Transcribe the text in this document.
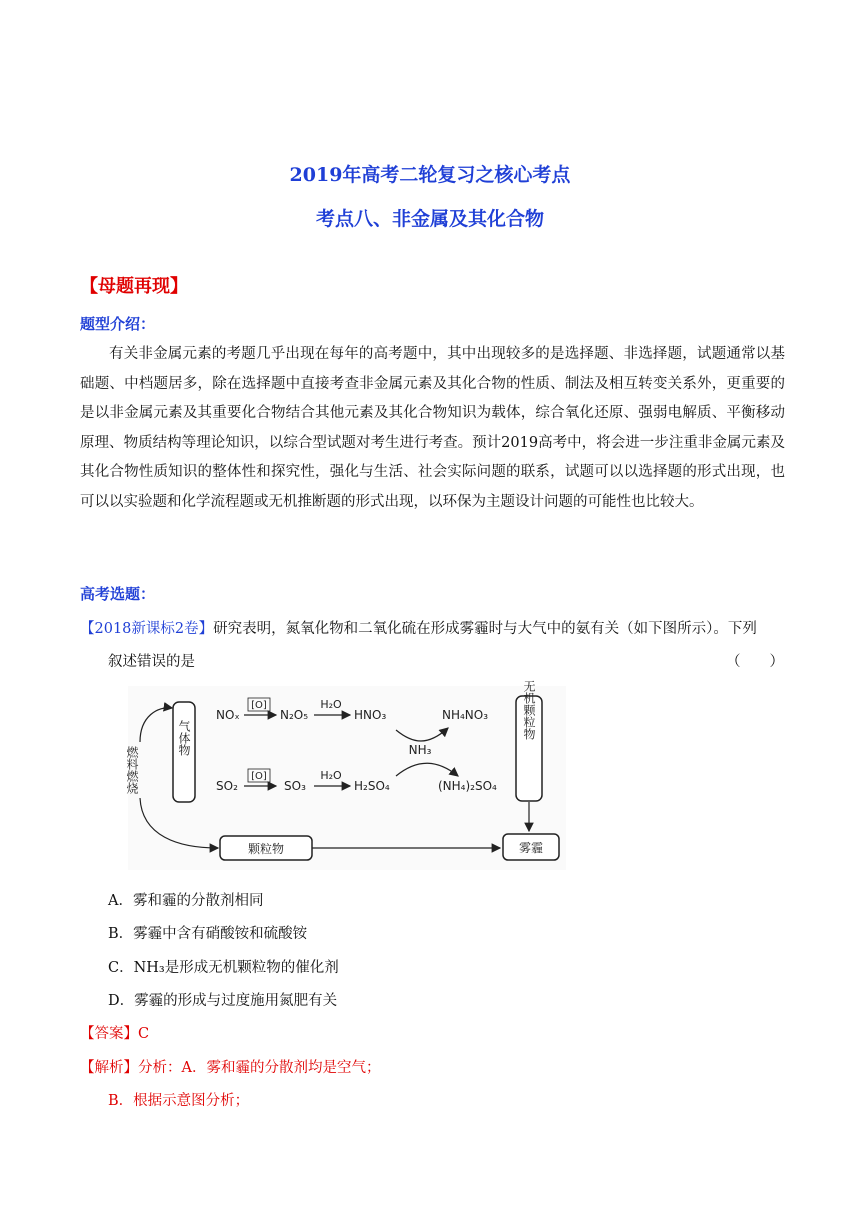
2019年高考二轮复习之核心考点
考点八、非金属及其化合物
【母题再现】
题型介绍：
有关非金属元素的考题几乎出现在每年的高考题中，其中出现较多的是选择题、非选择题，试题通常以基础题、中档题居多，除在选择题中直接考查非金属元素及其化合物的性质、制法及相互转变关系外，更重要的是以非金属元素及其重要化合物结合其他元素及其化合物知识为载体，综合氧化还原、强弱电解质、平衡移动原理、物质结构等理论知识，以综合型试题对考生进行考查。预计2019高考中，将会进一步注重非金属元素及其化合物性质知识的整体性和探究性，强化与生活、社会实际问题的联系，试题可以以选择题的形式出现，也可以以实验题和化学流程题或无机推断题的形式出现，以环保为主题设计问题的可能性也比较大。
高考选题：
【2018新课标2卷】研究表明，氮氧化物和二氧化硫在形成雾霾时与大气中的氨有关（如下图所示）。下列
叙述错误的是	（　　）
气体物	无机颗粒物
颗粒物	雾霾
燃料燃烧
NOₓ
[O]
N₂O₅
H₂O
HNO₃	NH₄NO₃
NH₃
SO₂
[O]
SO₃
H₂O
H₂SO₄	(NH₄)₂SO₄
A．雾和霾的分散剂相同
B．雾霾中含有硝酸铵和硫酸铵
C．NH₃是形成无机颗粒物的催化剂
D．雾霾的形成与过度施用氮肥有关
【答案】C
【解析】分析：A．雾和霾的分散剂均是空气；
B．根据示意图分析；
